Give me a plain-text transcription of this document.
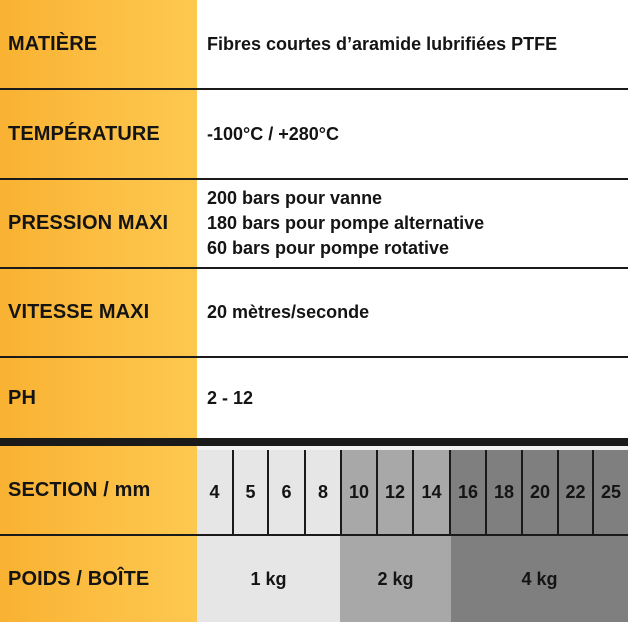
MATIÈRE	Fibres courtes d’aramide lubrifiées PTFE
TEMPÉRATURE	-100°C / +280°C
PRESSION MAXI
200 bars pour vanne
180 bars pour pompe alternative
60 bars pour pompe rotative
VITESSE MAXI	20 mètres/seconde
PH	2 - 12
SECTION / mm	4	5	6	8	10 12 14 16 18 20 22 25
POIDS / BOÎTE	1 kg	2 kg	4 kg
